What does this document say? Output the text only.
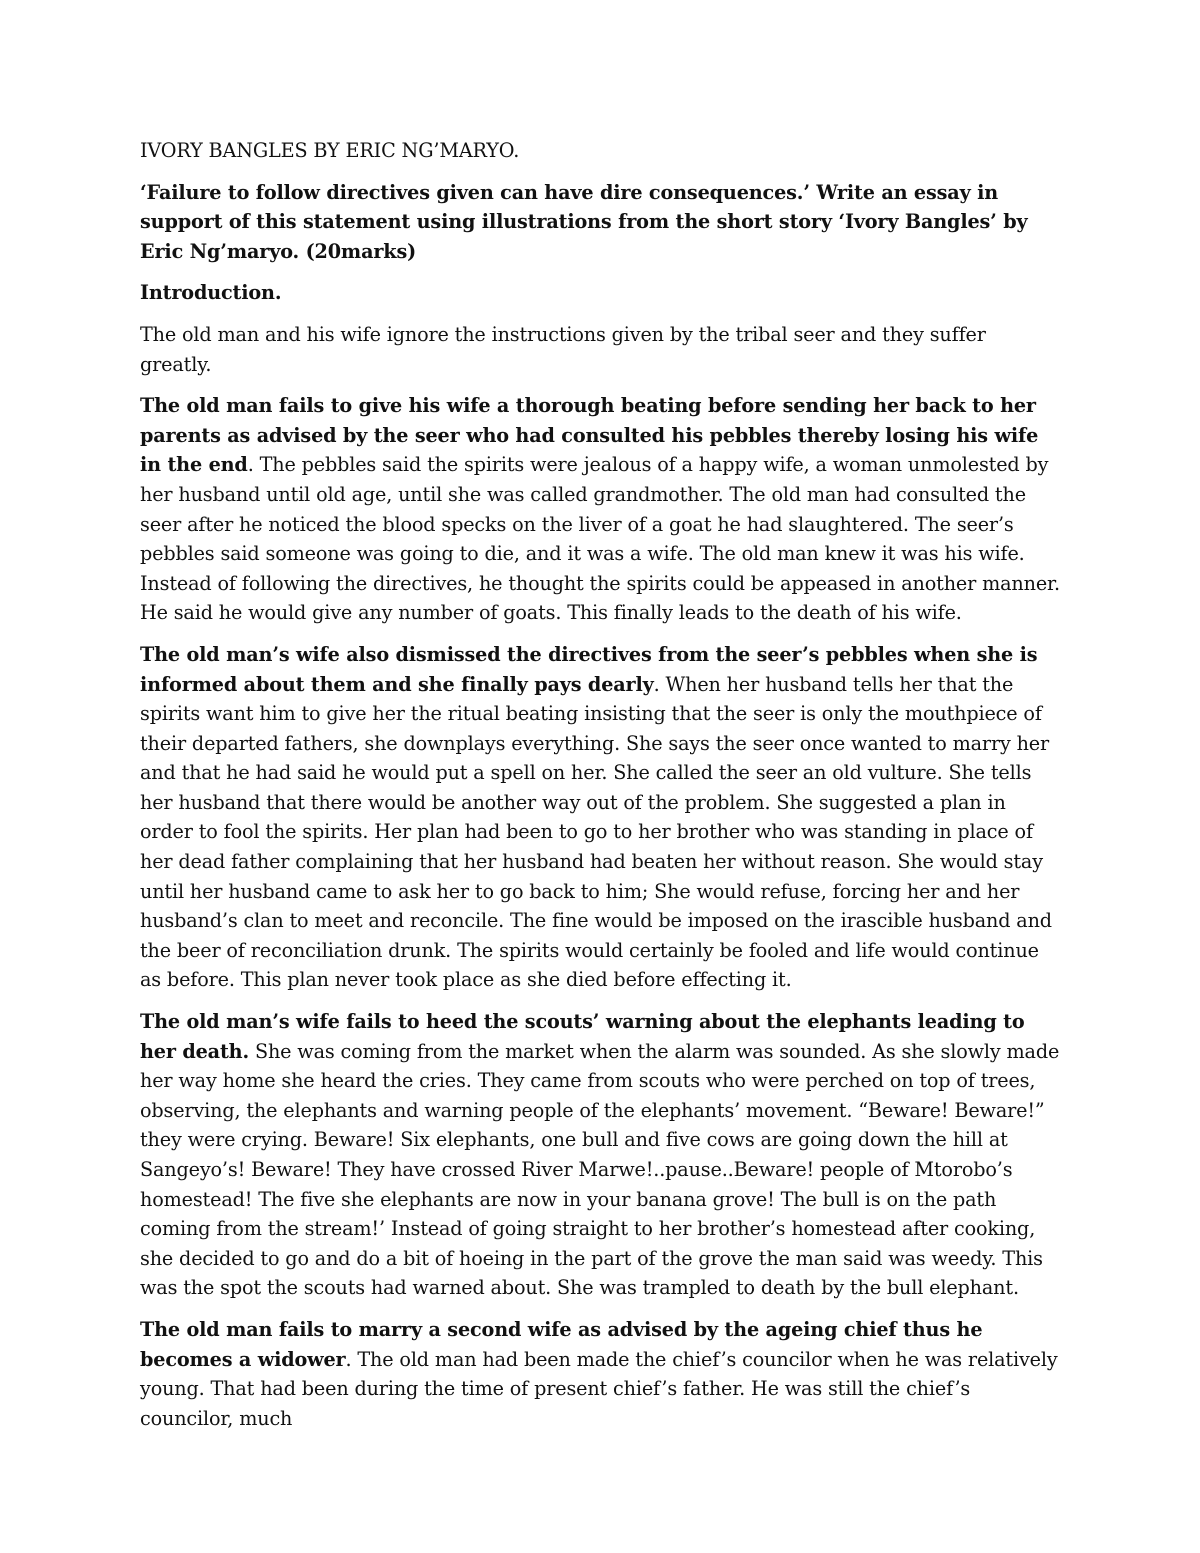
IVORY BANGLES BY ERIC NG’MARYO.
‘Failure to follow directives given can have dire consequences.’ Write an essay in support of this statement using illustrations from the short story ‘Ivory Bangles’ by Eric Ng’maryo. (20marks)
Introduction.

The old man and his wife ignore the instructions given by the tribal seer and they suffer greatly.

The old man fails to give his wife a thorough beating before sending her back to her parents as advised by the seer who had consulted his pebbles thereby losing his wife in the end. The pebbles said the spirits were jealous of a happy wife, a woman unmolested by her husband until old age, until she was called grandmother. The old man had consulted the seer after he noticed the blood specks on the liver of a goat he had slaughtered. The seer’s pebbles said someone was going to die, and it was a wife. The old man knew it was his wife. Instead of following the directives, he thought the spirits could be appeased in another manner. He said he would give any number of goats. This finally leads to the death of his wife.

The old man’s wife also dismissed the directives from the seer’s pebbles when she is informed about them and she finally pays dearly. When her husband tells her that the spirits want him to give her the ritual beating insisting that the seer is only the mouthpiece of their departed fathers, she downplays everything. She says the seer once wanted to marry her and that he had said he would put a spell on her. She called the seer an old vulture. She tells her husband that there would be another way out of the problem. She suggested a plan in order to fool the spirits. Her plan had been to go to her brother who was standing in place of her dead father complaining that her husband had beaten her without reason. She would stay until her husband came to ask her to go back to him; She would refuse, forcing her and her husband’s clan to meet and reconcile. The fine would be imposed on the irascible husband and the beer of reconciliation drunk. The spirits would certainly be fooled and life would continue as before. This plan never took place as she died before effecting it.

The old man’s wife fails to heed the scouts’ warning about the elephants leading to her death. She was coming from the market when the alarm was sounded. As she slowly made her way home she heard the cries. They came from scouts who were perched on top of trees, observing, the elephants and warning people of the elephants’ movement. “Beware! Beware!” they were crying. Beware! Six elephants, one bull and five cows are going down the hill at Sangeyo’s! Beware! They have crossed River Marwe!..pause..Beware! people of Mtorobo’s homestead! The five she elephants are now in your banana grove! The bull is on the path coming from the stream!’ Instead of going straight to her brother’s homestead after cooking, she decided to go and do a bit of hoeing in the part of the grove the man said was weedy. This was the spot the scouts had warned about. She was trampled to death by the bull elephant.

The old man fails to marry a second wife as advised by the ageing chief thus he becomes a widower. The old man had been made the chief’s councilor when he was relatively young. That had been during the time of present chief’s father. He was still the chief’s councilor, much
